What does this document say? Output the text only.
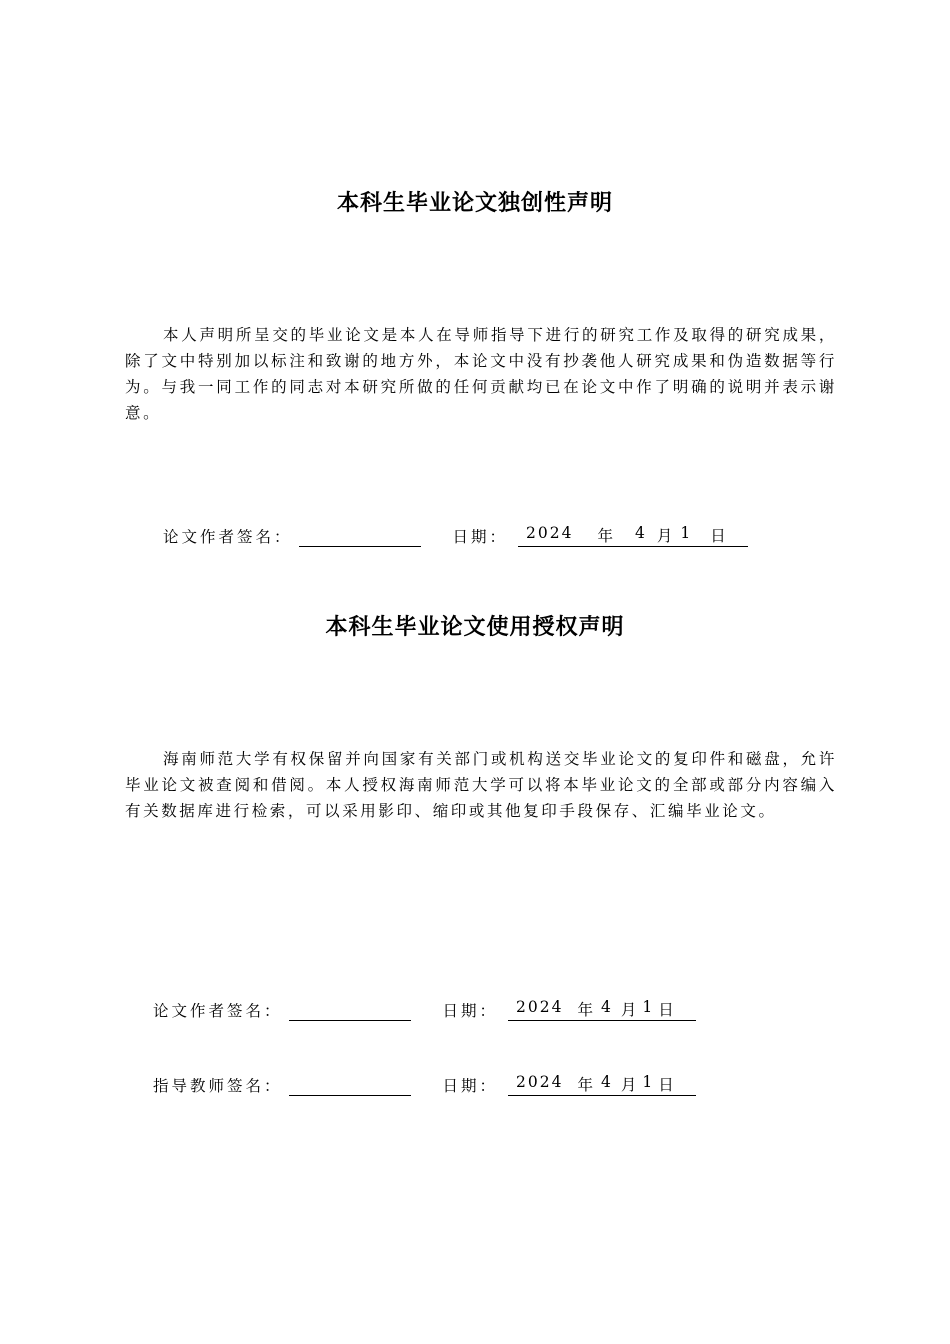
本科生毕业论文独创性声明

本人声明所呈交的毕业论文是本人在导师指导下进行的研究工作及取得的研究成果，除了文中特别加以标注和致谢的地方外，本论文中没有抄袭他人研究成果和伪造数据等行为。与我一同工作的同志对本研究所做的任何贡献均已在论文中作了明确的说明并表示谢意。

论文作者签名：	日期： 2024 年 4 月 1 日
本科生毕业论文使用授权声明

海南师范大学有权保留并向国家有关部门或机构送交毕业论文的复印件和磁盘，允许毕业论文被查阅和借阅。本人授权海南师范大学可以将本毕业论文的全部或部分内容编入有关数据库进行检索，可以采用影印、缩印或其他复印手段保存、汇编毕业论文。

论文作者签名：	日期： 2024 年 4 月 1 日
指导教师签名：	日期： 2024 年 4 月 1 日
